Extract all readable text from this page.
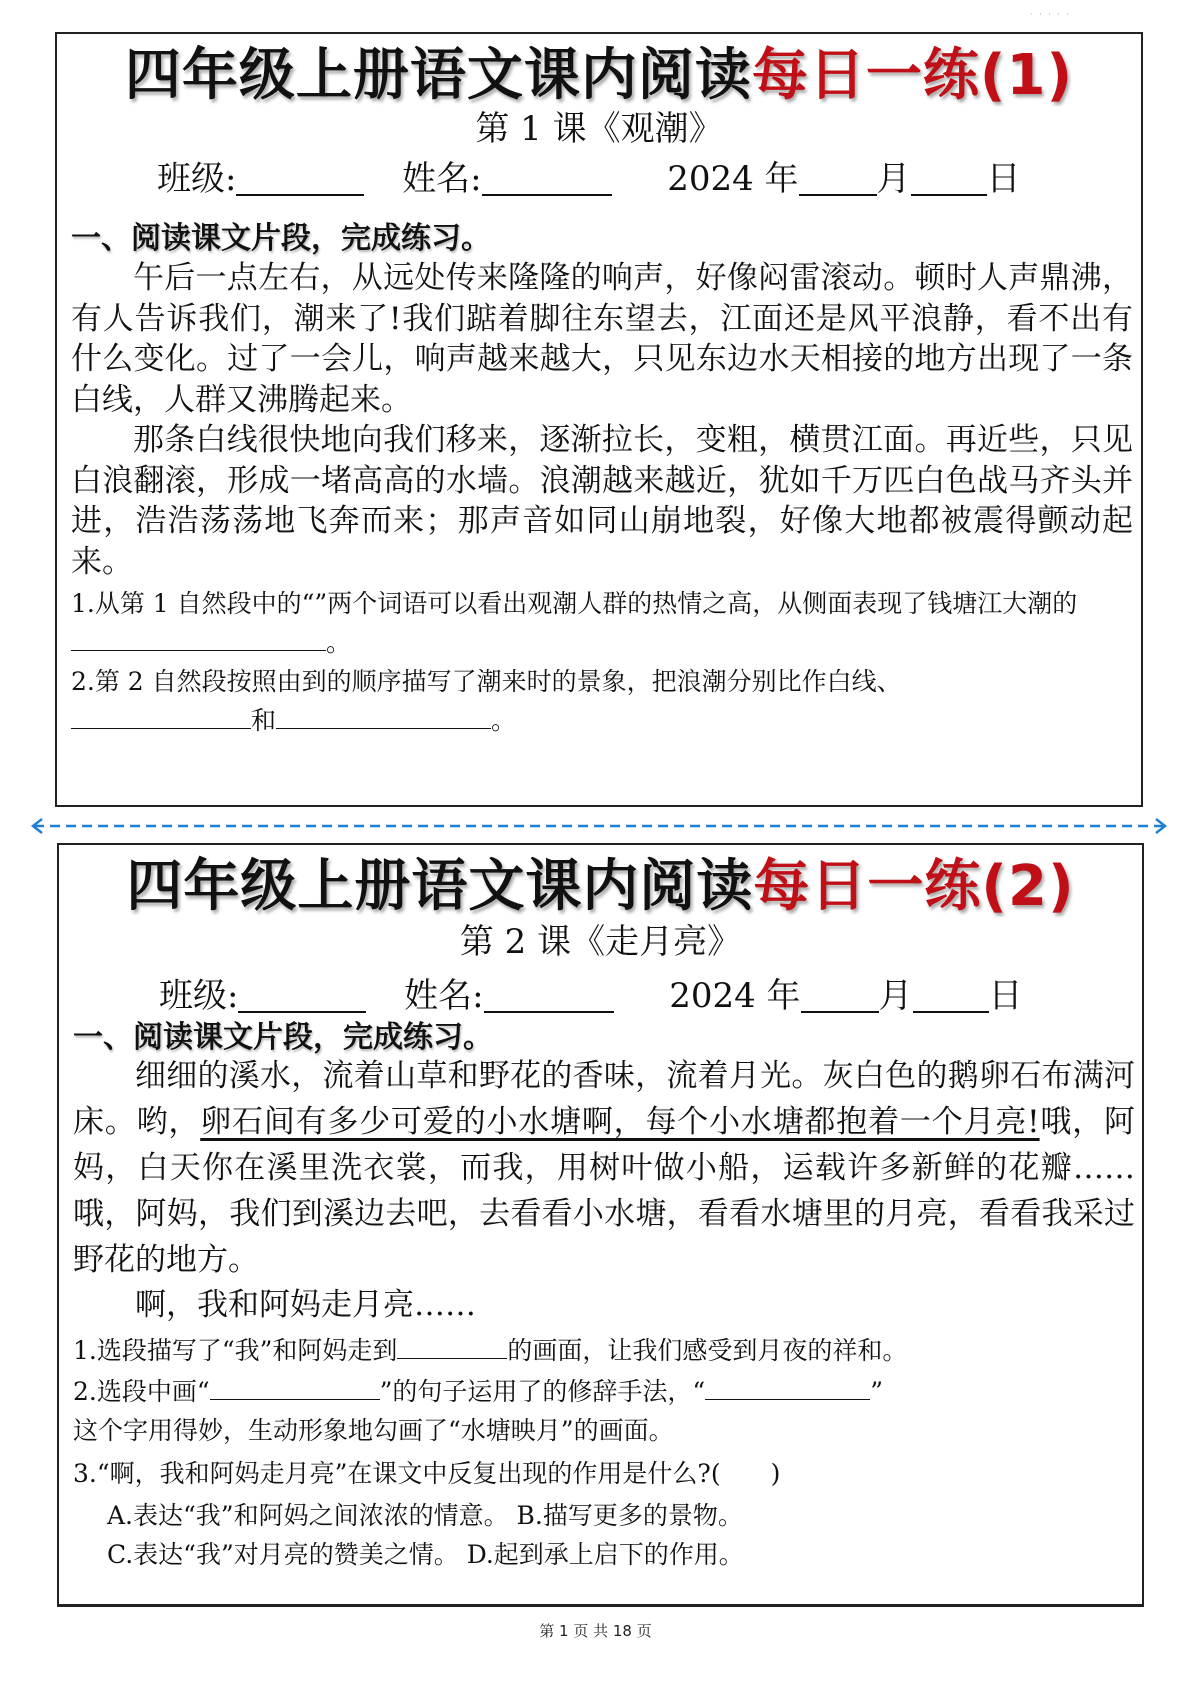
· · · · ·
四年级上册语文课内阅读每日一练(1)
第 1 课《观潮》
班级:	姓名:	2024 年 月 日
一、阅读课文片段，完成练习。

午后一点左右，从远处传来隆隆的响声，好像闷雷滚动。顿时人声鼎沸，有人告诉我们，潮来了!我们踮着脚往东望去，江面还是风平浪静，看不出有什么变化。过了一会儿，响声越来越大，只见东边水天相接的地方出现了一条白线，人群又沸腾起来。

那条白线很快地向我们移来，逐渐拉长，变粗，横贯江面。再近些，只见白浪翻滚，形成一堵高高的水墙。浪潮越来越近，犹如千万匹白色战马齐头并进，浩浩荡荡地飞奔而来；那声音如同山崩地裂，好像大地都被震得颤动起来。

1.从第 1 自然段中的“”两个词语可以看出观潮人群的热情之高，从侧面表现了钱塘江大潮的。

2.第 2 自然段按照由到的顺序描写了潮来时的景象，把浪潮分别比作白线、
和	。

四年级上册语文课内阅读每日一练(2)
第 2 课《走月亮》
班级:	姓名:	2024 年 月 日
一、阅读课文片段，完成练习。

细细的溪水，流着山草和野花的香味，流着月光。灰白色的鹅卵石布满河床。哟，卵石间有多少可爱的小水塘啊，每个小水塘都抱着一个月亮!哦，阿妈，白天你在溪里洗衣裳，而我，用树叶做小船，运载许多新鲜的花瓣……哦，阿妈，我们到溪边去吧，去看看小水塘，看看水塘里的月亮，看看我采过野花的地方。

啊，我和阿妈走月亮……

1.选段描写了“我”和阿妈走到	的画面，让我们感受到月夜的祥和。

2.选段中画“	”的句子运用了的修辞手法，“	”
这个字用得妙，生动形象地勾画了“水塘映月”的画面。

3.“啊，我和阿妈走月亮”在课文中反复出现的作用是什么?(　　)

A.表达“我”和阿妈之间浓浓的情意。 B.描写更多的景物。
C.表达“我”对月亮的赞美之情。 D.起到承上启下的作用。
第 1 页 共 18 页
